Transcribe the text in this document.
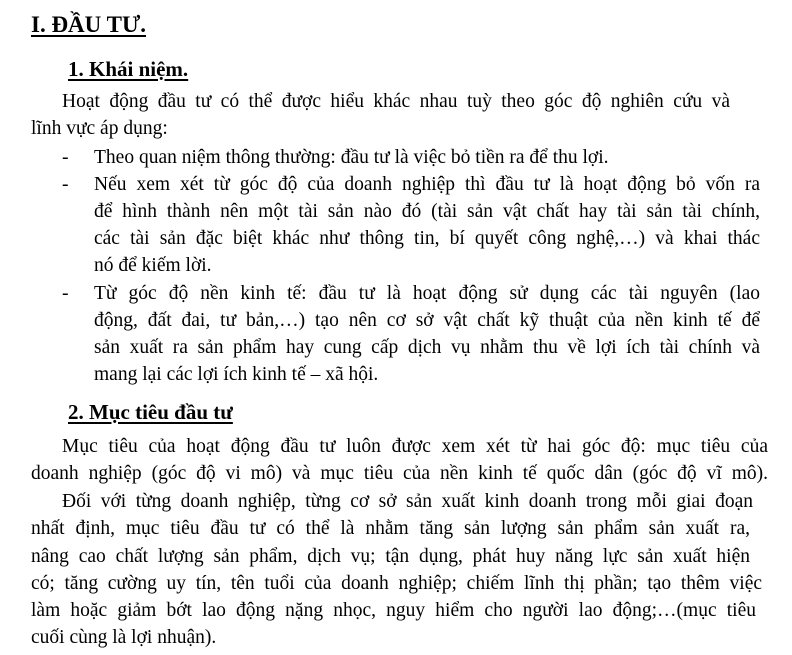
I. ĐẦU TƯ.
1. Khái niệm.
Hoạt động đầu tư có thể được hiểu khác nhau tuỳ theo góc độ nghiên cứu và
lĩnh vực áp dụng:
- Theo quan niệm thông thường: đầu tư là việc bỏ tiền ra để thu lợi.
- Nếu xem xét từ góc độ của doanh nghiệp thì đầu tư là hoạt động bỏ vốn ra
để hình thành nên một tài sản nào đó (tài sản vật chất hay tài sản tài chính,
các tài sản đặc biệt khác như thông tin, bí quyết công nghệ,…) và khai thác
nó để kiếm lời.
- Từ góc độ nền kinh tế: đầu tư là hoạt động sử dụng các tài nguyên (lao
động, đất đai, tư bản,…) tạo nên cơ sở vật chất kỹ thuật của nền kinh tế để
sản xuất ra sản phẩm hay cung cấp dịch vụ nhằm thu về lợi ích tài chính và
mang lại các lợi ích kinh tế – xã hội.
2. Mục tiêu đầu tư
Mục tiêu của hoạt động đầu tư luôn được xem xét từ hai góc độ: mục tiêu của
doanh nghiệp (góc độ vi mô) và mục tiêu của nền kinh tế quốc dân (góc độ vĩ mô).
Đối với từng doanh nghiệp, từng cơ sở sản xuất kinh doanh trong mỗi giai đoạn
nhất định, mục tiêu đầu tư có thể là nhằm tăng sản lượng sản phẩm sản xuất ra,
nâng cao chất lượng sản phẩm, dịch vụ; tận dụng, phát huy năng lực sản xuất hiện
có; tăng cường uy tín, tên tuổi của doanh nghiệp; chiếm lĩnh thị phần; tạo thêm việc
làm hoặc giảm bớt lao động nặng nhọc, nguy hiểm cho người lao động;…(mục tiêu
cuối cùng là lợi nhuận).
